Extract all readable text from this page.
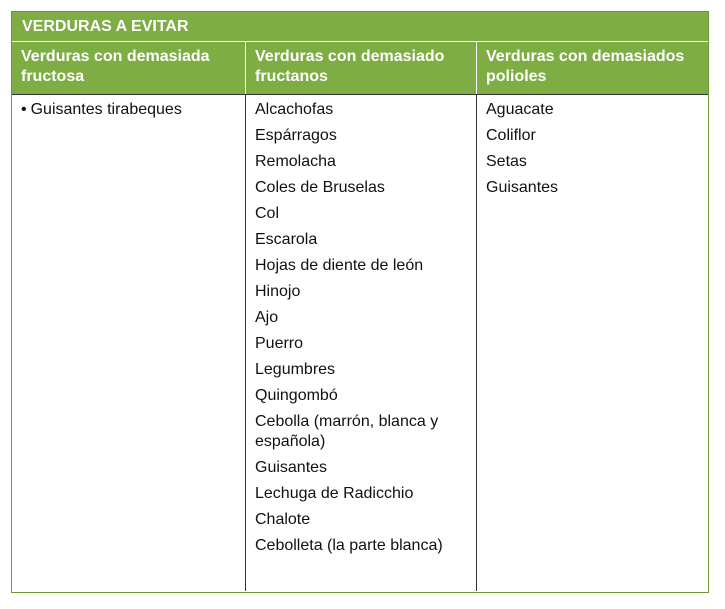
VERDURAS A EVITAR
Verduras con demasiada fructosa
Verduras con demasiado fructanos
Verduras con demasiados polioles
• Guisantes tirabeques	Alcachofas
Espárragos
Remolacha
Coles de Bruselas
Col
Escarola
Hojas de diente de león
Hinojo
Ajo
Puerro
Legumbres
Quingombó
Cebolla (marrón, blanca y española)
Guisantes
Lechuga de Radicchio
Chalote
Cebolleta (la parte blanca)
Aguacate
Coliflor
Setas
Guisantes
